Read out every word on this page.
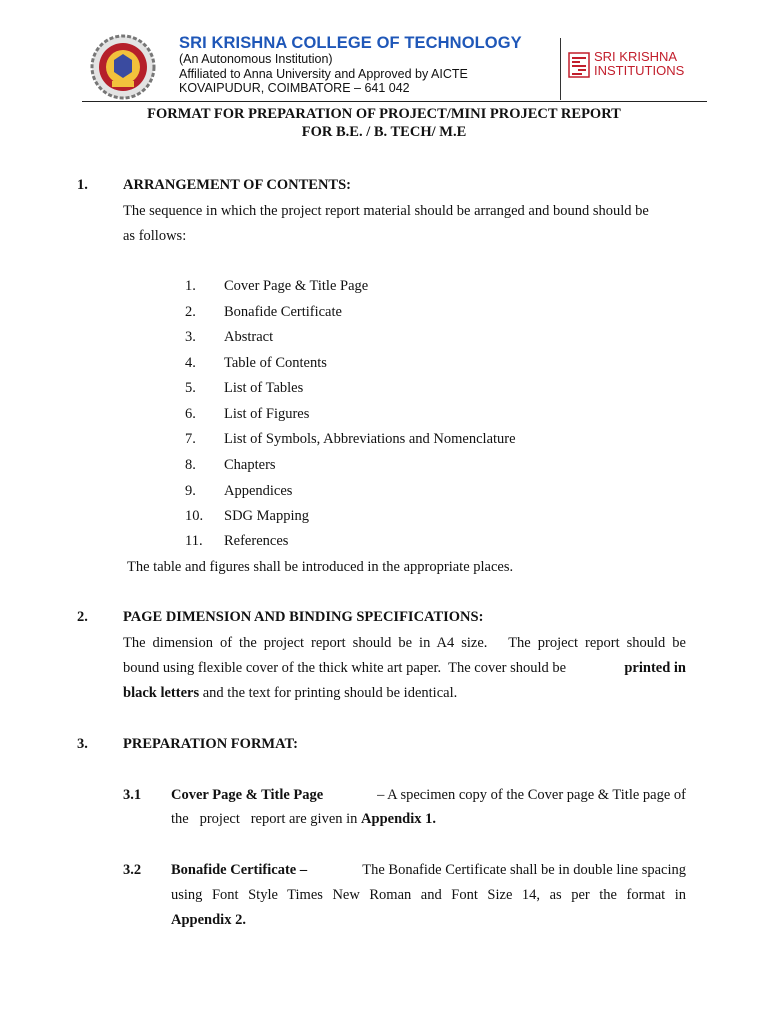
SRI KRISHNA COLLEGE OF TECHNOLOGY
(An Autonomous Institution)
Affiliated to Anna University and Approved by AICTE
KOVAIPUDUR, COIMBATORE – 641 042
SRI KRISHNA
INSTITUTIONS
FORMAT FOR PREPARATION OF PROJECT/MINI PROJECT REPORT
FOR B.E. / B. TECH/ M.E
1. ARRANGEMENT OF CONTENTS:
The sequence in which the project report material should be arranged and bound should be
as follows:
1. Cover Page & Title Page
2. Bonafide Certificate
3. Abstract
4. Table of Contents
5. List of Tables
6. List of Figures
7. List of Symbols, Abbreviations and Nomenclature
8. Chapters
9. Appendices
10. SDG Mapping
11. References
The table and figures shall be introduced in the appropriate places.
2. PAGE DIMENSION AND BINDING SPECIFICATIONS:
The dimension of the project report should be in A4 size.   The project report should be
bound using flexible cover of the thick white art paper.  The cover should be	printed in
black letters and the text for printing should be identical.
3. PREPARATION FORMAT:
3.1 Cover Page & Title Page	– A specimen copy of the Cover page & Title page of
the   project   report are given in Appendix 1.
3.2 Bonafide Certificate –	The Bonafide Certificate shall be in double line spacing
using Font Style Times New Roman and Font Size 14, as per the format in
Appendix 2.
